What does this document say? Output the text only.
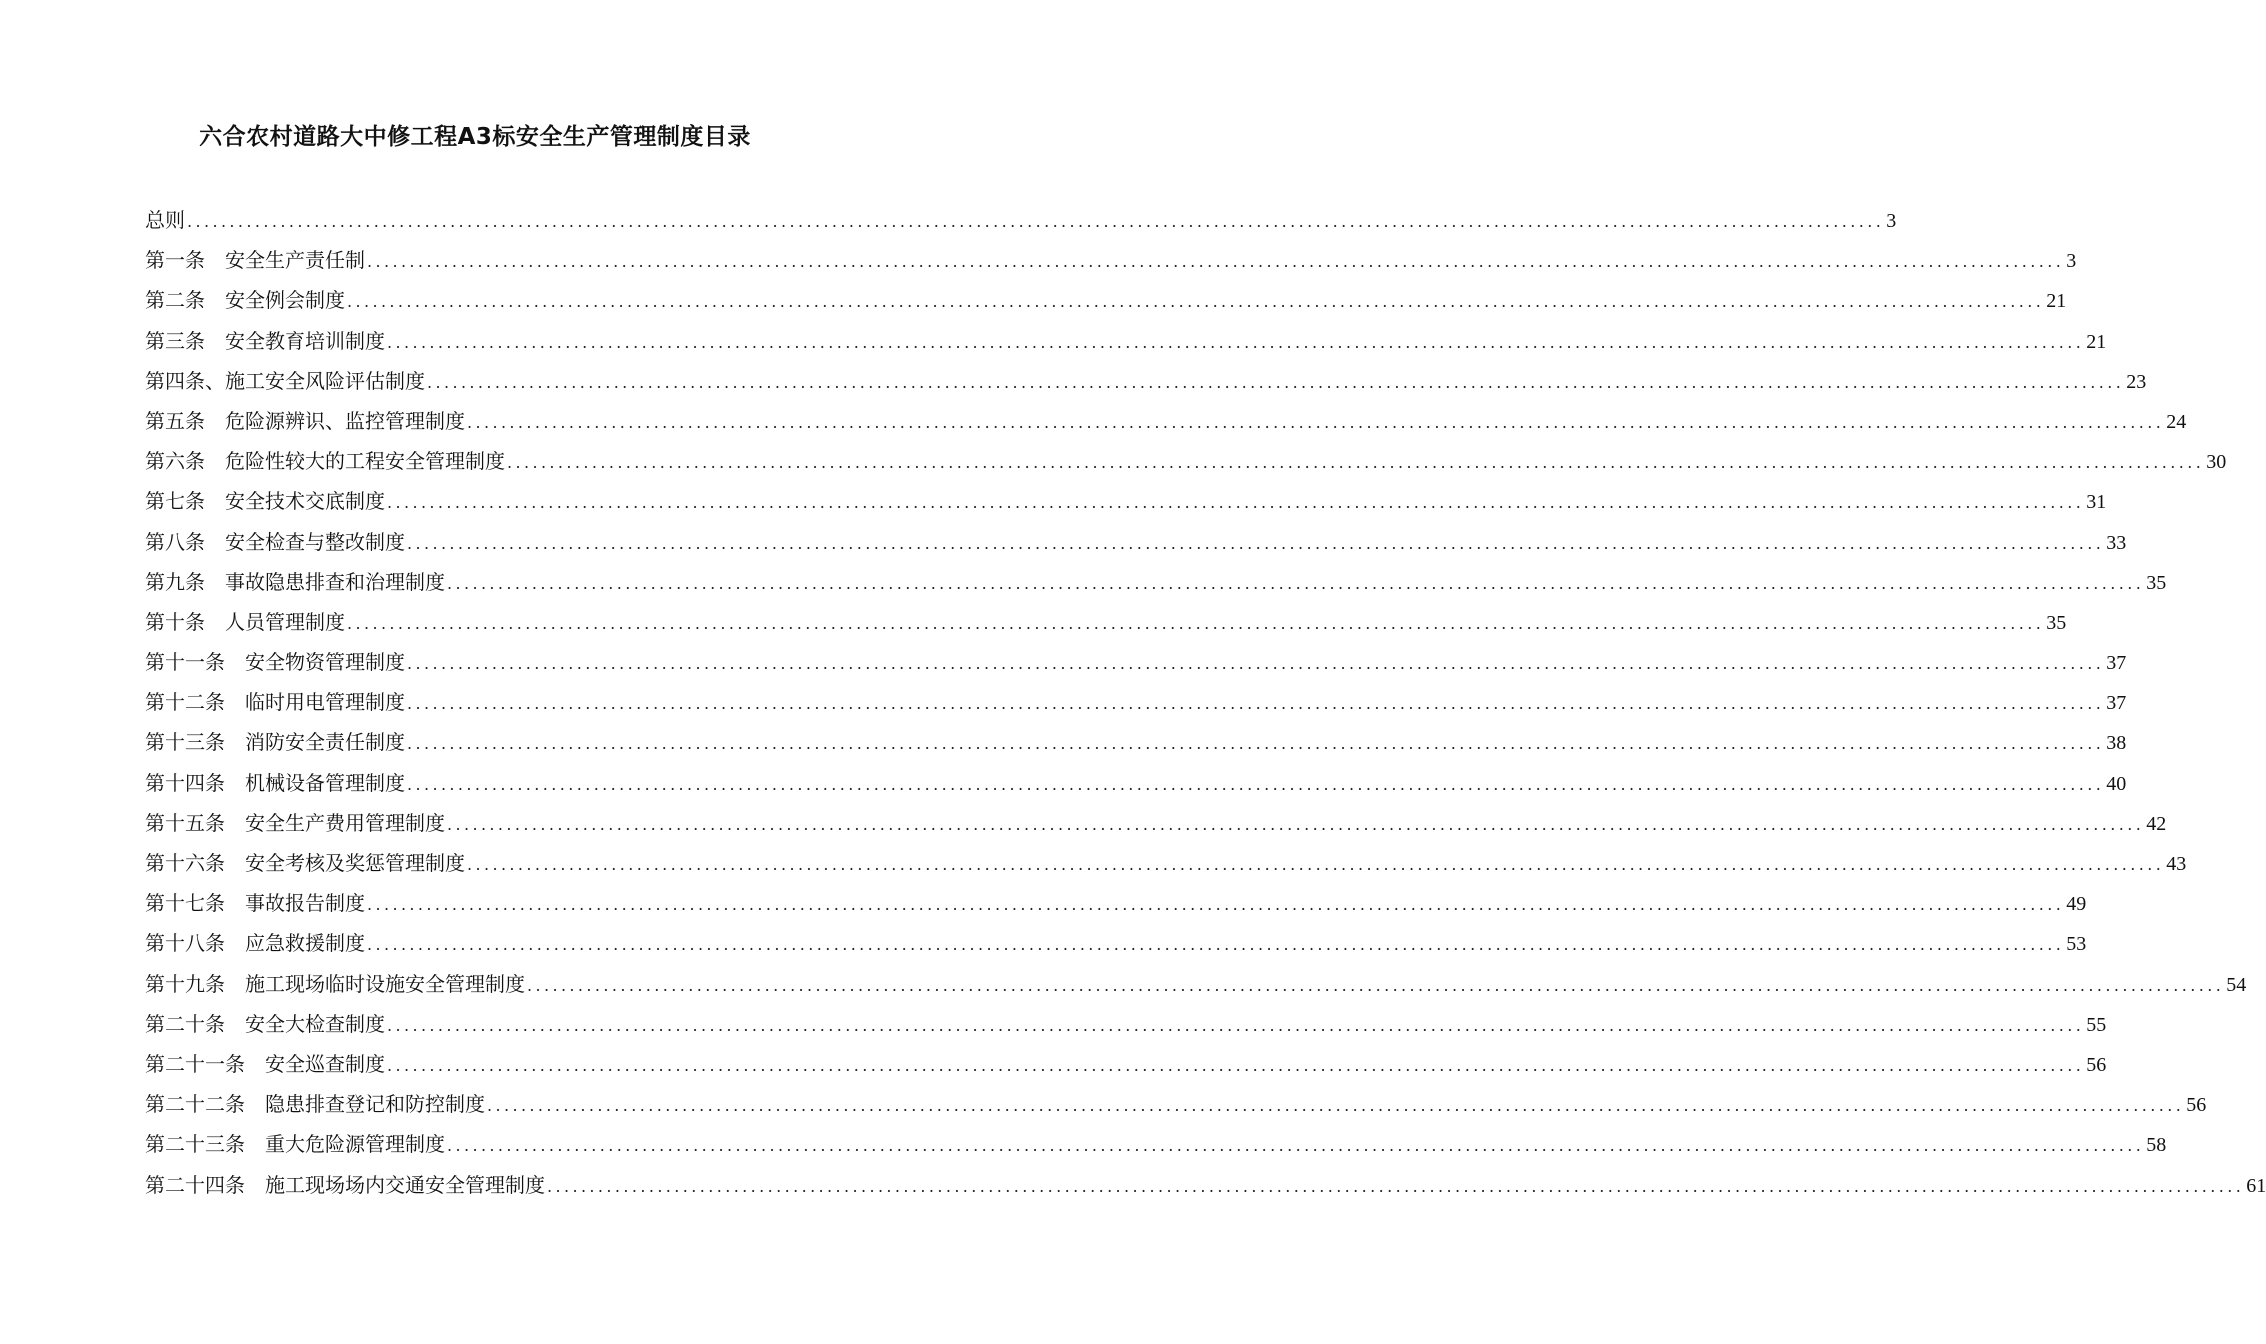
六合农村道路大中修工程A3标安全生产管理制度目录
总则 ........................................................................................................................................................................................................ 3
第一条　安全生产责任制 ........................................................................................................................................................................................................ 3
第二条　安全例会制度 ........................................................................................................................................................................................................ 21
第三条　安全教育培训制度 ........................................................................................................................................................................................................ 21
第四条、施工安全风险评估制度 ........................................................................................................................................................................................................ 23
第五条　危险源辨识、监控管理制度 ........................................................................................................................................................................................................ 24
第六条　危险性较大的工程安全管理制度 ........................................................................................................................................................................................................ 30
第七条　安全技术交底制度 ........................................................................................................................................................................................................ 31
第八条　安全检查与整改制度 ........................................................................................................................................................................................................ 33
第九条　事故隐患排查和治理制度 ........................................................................................................................................................................................................ 35
第十条　人员管理制度 ........................................................................................................................................................................................................ 35
第十一条　安全物资管理制度 ........................................................................................................................................................................................................ 37
第十二条　临时用电管理制度 ........................................................................................................................................................................................................ 37
第十三条　消防安全责任制度 ........................................................................................................................................................................................................ 38
第十四条　机械设备管理制度 ........................................................................................................................................................................................................ 40
第十五条　安全生产费用管理制度 ........................................................................................................................................................................................................ 42
第十六条　安全考核及奖惩管理制度 ........................................................................................................................................................................................................ 43
第十七条　事故报告制度 ........................................................................................................................................................................................................ 49
第十八条　应急救援制度 ........................................................................................................................................................................................................ 53
第十九条　施工现场临时设施安全管理制度 ........................................................................................................................................................................................................ 54
第二十条　安全大检查制度 ........................................................................................................................................................................................................ 55
第二十一条　安全巡查制度 ........................................................................................................................................................................................................ 56
第二十二条　隐患排查登记和防控制度 ........................................................................................................................................................................................................ 56
第二十三条　重大危险源管理制度 ........................................................................................................................................................................................................ 58
第二十四条　施工现场场内交通安全管理制度 ........................................................................................................................................................................................................ 61
